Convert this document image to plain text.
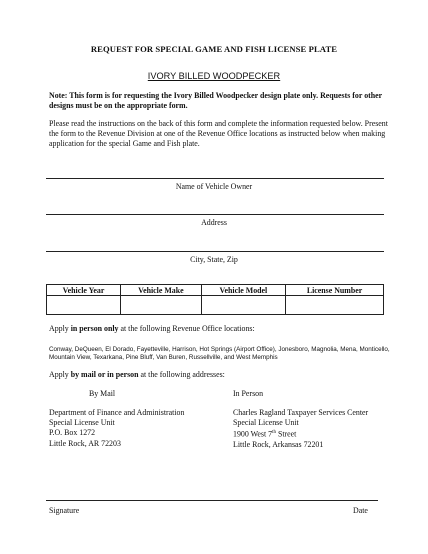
REQUEST FOR SPECIAL GAME AND FISH LICENSE PLATE
IVORY BILLED WOODPECKER
Note: This form is for requesting the Ivory Billed Woodpecker design plate only. Requests for other designs must be on the appropriate form.
Please read the instructions on the back of this form and complete the information requested below. Present the form to the Revenue Division at one of the Revenue Office locations as instructed below when making application for the special Game and Fish plate.
Name of Vehicle Owner
Address
City, State, Zip
Vehicle Year	Vehicle Make	Vehicle Model	License Number

Apply in person only at the following Revenue Office locations:
Conway, DeQueen, El Dorado, Fayetteville, Harrison, Hot Springs (Airport Office), Jonesboro, Magnolia, Mena, Monticello, Mountain View, Texarkana, Pine Bluff, Van Buren, Russellville, and West Memphis
Apply by mail or in person at the following addresses:
By Mail
Department of Finance and Administration
Special License Unit
P.O. Box 1272
Little Rock, AR 72203
In Person
Charles Ragland Taxpayer Services Center
Special License Unit
1900 West 7th Street
Little Rock, Arkansas 72201
Signature	Date
